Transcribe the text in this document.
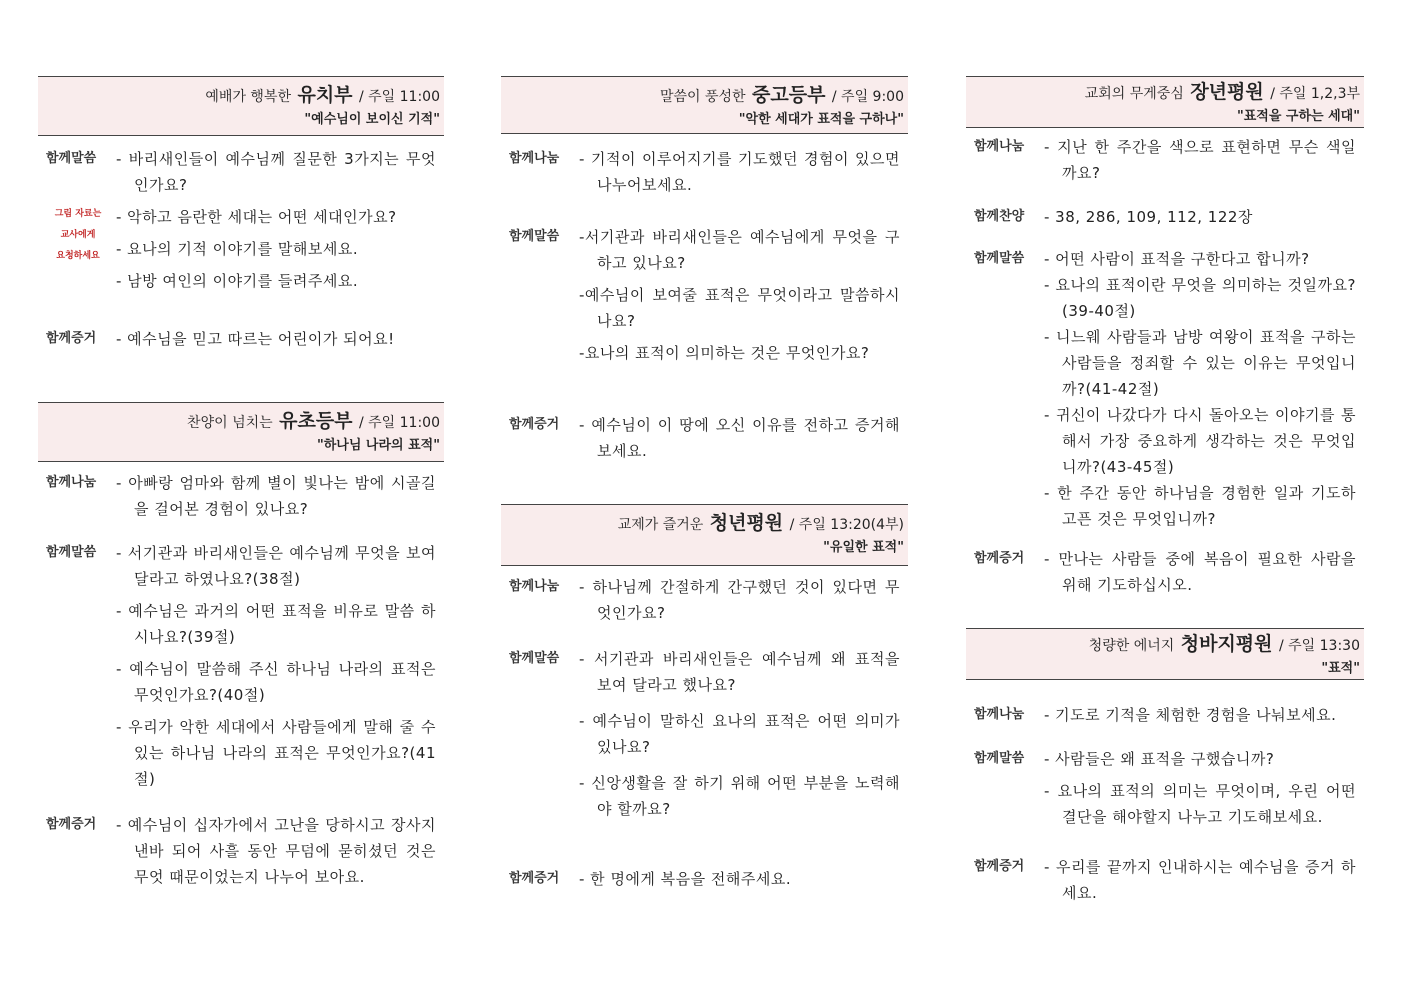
예배가 행복한 유치부 / 주일 11:00
"예수님이 보이신 기적"
그림 자료는
교사에게
요청하세요
함께말씀 - 바리새인들이 예수님께 질문한 3가지는 무엇인가요?
- 악하고 음란한 세대는 어떤 세대인가요?
- 요나의 기적 이야기를 말해보세요.
- 남방 여인의 이야기를 들려주세요.
함께증거 - 예수님을 믿고 따르는 어린이가 되어요!
찬양이 넘치는 유초등부 / 주일 11:00
"하나님 나라의 표적"
함께나눔 - 아빠랑 엄마와 함께 별이 빛나는 밤에 시골길을 걸어본 경험이 있나요?
함께말씀 - 서기관과 바리새인들은 예수님께 무엇을 보여 달라고 하였나요?(38절)
- 예수님은 과거의 어떤 표적을 비유로 말씀 하시나요?(39절)
- 예수님이 말씀해 주신 하나님 나라의 표적은 무엇인가요?(40절)
- 우리가 악한 세대에서 사람들에게 말해 줄 수 있는 하나님 나라의 표적은 무엇인가요?(41절)
함께증거 - 예수님이 십자가에서 고난을 당하시고 장사지낸바 되어 사흘 동안 무덤에 묻히셨던 것은 무엇 때문이었는지 나누어 보아요.
말씀이 풍성한 중고등부 / 주일 9:00
"악한 세대가 표적을 구하나"
함께나눔 - 기적이 이루어지기를 기도했던 경험이 있으면 나누어보세요.
함께말씀 -서기관과 바리새인들은 예수님에게 무엇을 구하고 있나요?
-예수님이 보여줄 표적은 무엇이라고 말씀하시나요?
-요나의 표적이 의미하는 것은 무엇인가요?
함께증거 - 예수님이 이 땅에 오신 이유를 전하고 증거해 보세요.
교제가 즐거운 청년평원 / 주일 13:20(4부)
"유일한 표적"
함께나눔 - 하나님께 간절하게 간구했던 것이 있다면 무엇인가요?
함께말씀 - 서기관과 바리새인들은 예수님께 왜 표적을 보여 달라고 했나요?
- 예수님이 말하신 요나의 표적은 어떤 의미가 있나요?
- 신앙생활을 잘 하기 위해 어떤 부분을 노력해야 할까요?
함께증거 - 한 명에게 복음을 전해주세요.
교회의 무게중심 장년평원 / 주일 1,2,3부
"표적을 구하는 세대"
함께나눔 - 지난 한 주간을 색으로 표현하면 무슨 색일까요?
함께찬양 - 38, 286, 109, 112, 122장
함께말씀 - 어떤 사람이 표적을 구한다고 합니까?
- 요나의 표적이란 무엇을 의미하는 것일까요?(39-40절)
- 니느웨 사람들과 남방 여왕이 표적을 구하는 사람들을 정죄할 수 있는 이유는 무엇입니까?(41-42절)
- 귀신이 나갔다가 다시 돌아오는 이야기를 통해서 가장 중요하게 생각하는 것은 무엇입니까?(43-45절)
- 한 주간 동안 하나님을 경험한 일과 기도하고픈 것은 무엇입니까?
함께증거 - 만나는 사람들 중에 복음이 필요한 사람을 위해 기도하십시오.
청량한 에너지 청바지평원 / 주일 13:30
"표적"
함께나눔 - 기도로 기적을 체험한 경험을 나눠보세요.
함께말씀 - 사람들은 왜 표적을 구했습니까?
- 요나의 표적의 의미는 무엇이며, 우린 어떤 결단을 해야할지 나누고 기도해보세요.
함께증거 - 우리를 끝까지 인내하시는 예수님을 증거 하세요.
